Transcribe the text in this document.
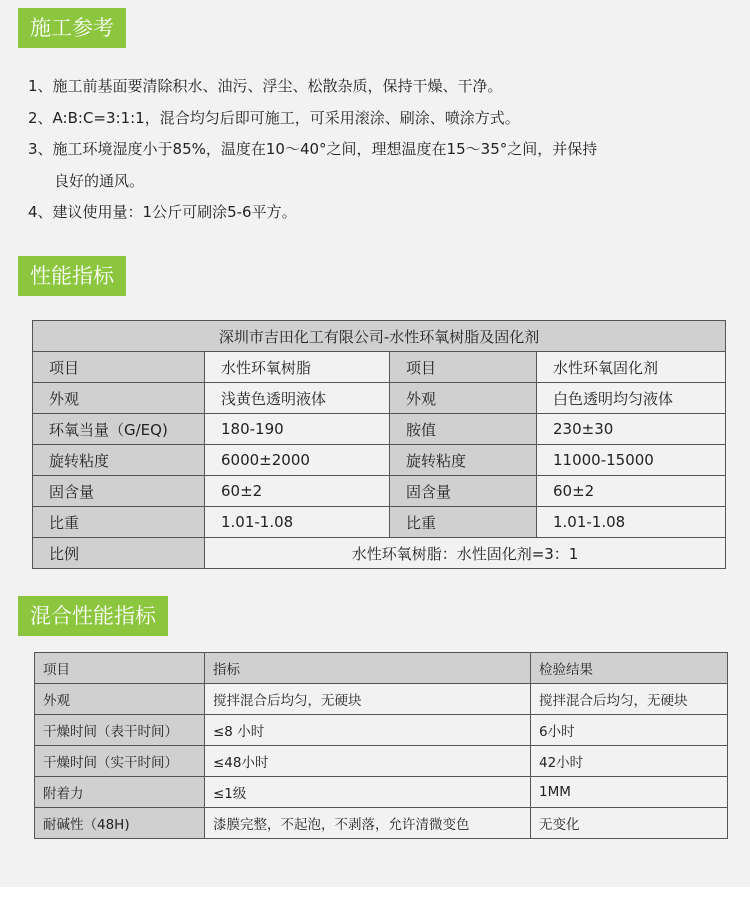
施工参考
1、施工前基面要清除积水、油污、浮尘、松散杂质，保持干燥、干净。
2、A:B:C=3:1:1，混合均匀后即可施工，可采用滚涂、刷涂、喷涂方式。
3、施工环境湿度小于85%，温度在10～40°之间，理想温度在15～35°之间，并保持
良好的通风。
4、建议使用量：1公斤可刷涂5-6平方。
性能指标
深圳市吉田化工有限公司-水性环氧树脂及固化剂			
项目	水性环氧树脂	项目	水性环氧固化剂
外观	浅黄色透明液体	外观	白色透明均匀液体
环氧当量（G/EQ)	180-190	胺值	230±30
旋转粘度	6000±2000	旋转粘度	11000-15000
固含量	60±2	固含量	60±2
比重	1.01-1.08	比重	1.01-1.08
比例	水性环氧树脂：水性固化剂=3：1		
混合性能指标
项目	指标	检验结果
外观	搅拌混合后均匀，无硬块	搅拌混合后均匀，无硬块
干燥时间（表干时间）	≤8 小时	6小时
干燥时间（实干时间）	≤48小时	42小时
附着力	≤1级	1MM
耐碱性（48H)	漆膜完整，不起泡，不剥落，允许清微变色	无变化
